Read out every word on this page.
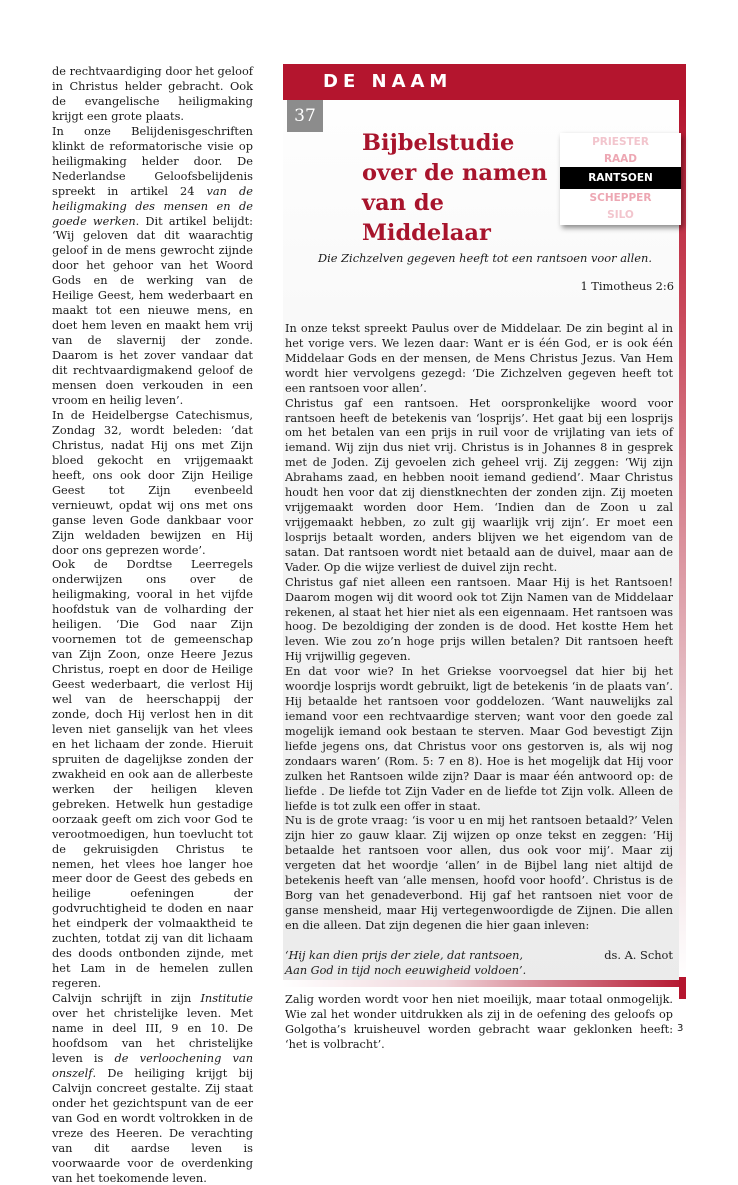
de rechtvaardiging door het geloof in Christus helder gebracht. Ook de evangelische heiligmaking krijgt een grote plaats.

In onze Belijdenisgeschriften klinkt de reformatorische visie op heiligmaking helder door. De Nederlandse Geloofsbelijdenis spreekt in artikel 24 van de heiligmaking des mensen en de goede werken. Dit artikel belijdt: ‘Wij geloven dat dit waarachtig geloof in de mens gewrocht zijnde door het gehoor van het Woord Gods en de werking van de Heilige Geest, hem wederbaart en maakt tot een nieuwe mens, en doet hem leven en maakt hem vrij van de slavernij der zonde. Daarom is het zover vandaar dat dit rechtvaardigmakend geloof de mensen doen verkouden in een vroom en heilig leven’.

In de Heidelbergse Catechismus, Zondag 32, wordt beleden: ‘dat Christus, nadat Hij ons met Zijn bloed gekocht en vrijgemaakt heeft, ons ook door Zijn Heilige Geest tot Zijn evenbeeld vernieuwt, opdat wij ons met ons ganse leven Gode dankbaar voor Zijn weldaden bewijzen en Hij door ons geprezen worde’.

Ook de Dordtse Leerregels onderwijzen ons over de heiligmaking, vooral in het vijfde hoofdstuk van de volharding der heiligen. ‘Die God naar Zijn voornemen tot de gemeenschap van Zijn Zoon, onze Heere Jezus Christus, roept en door de Heilige Geest wederbaart, die verlost Hij wel van de heerschappij der zonde, doch Hij verlost hen in dit leven niet ganselijk van het vlees en het lichaam der zonde. Hieruit spruiten de dagelijkse zonden der zwakheid en ook aan de allerbeste werken der heiligen kleven gebreken. Hetwelk hun gestadige oorzaak geeft om zich voor God te verootmoedigen, hun toevlucht tot de gekruisigden Christus te nemen, het vlees hoe langer hoe meer door de Geest des gebeds en heilige oefeningen der godvruchtigheid te doden en naar het eindperk der volmaaktheid te zuchten, totdat zij van dit lichaam des doods ontbonden zijnde, met het Lam in de hemelen zullen regeren.

Calvijn schrijft in zijn Institutie over het christelijke leven. Met name in deel III, 9 en 10. De hoofdsom van het christelijke leven is de verloochening van onszelf. De heiliging krijgt bij Calvijn concreet gestalte. Zij staat onder het gezichtspunt van de eer van God en wordt voltrokken in de vreze des Heeren. De verachting van dit aardse leven is voorwaarde voor de overdenking van het toekomende leven.

DE NAAM
37
Bijbelstudie over de namen van de Middelaar
PRIESTER
RAAD
RANTSOEN
SCHEPPER
SILO
Die Zichzelven gegeven heeft tot een rantsoen voor allen.
1 Timotheus 2:6

In onze tekst spreekt Paulus over de Middelaar. De zin begint al in het vorige vers. We lezen daar: Want er is één God, er is ook één Middelaar Gods en der mensen, de Mens Christus Jezus. Van Hem wordt hier vervolgens gezegd: ‘Die Zichzelven gegeven heeft tot een rantsoen voor allen’.

Christus gaf een rantsoen. Het oorspronkelijke woord voor rantsoen heeft de betekenis van ‘losprijs’. Het gaat bij een losprijs om het betalen van een prijs in ruil voor de vrijlating van iets of iemand. Wij zijn dus niet vrij. Christus is in Johannes 8 in gesprek met de Joden. Zij gevoelen zich geheel vrij. Zij zeggen: ‘Wij zijn Abrahams zaad, en hebben nooit iemand gediend’. Maar Christus houdt hen voor dat zij dienstknechten der zonden zijn. Zij moeten vrijgemaakt worden door Hem. ‘Indien dan de Zoon u zal vrijgemaakt hebben, zo zult gij waarlijk vrij zijn’. Er moet een losprijs betaalt worden, anders blijven we het eigendom van de satan. Dat rantsoen wordt niet betaald aan de duivel, maar aan de Vader. Op die wijze verliest de duivel zijn recht.

Christus gaf niet alleen een rantsoen. Maar Hij is het Rantsoen! Daarom mogen wij dit woord ook tot Zijn Namen van de Middelaar rekenen, al staat het hier niet als een eigennaam. Het rantsoen was hoog. De bezoldiging der zonden is de dood. Het kostte Hem het leven. Wie zou zo’n hoge prijs willen betalen? Dit rantsoen heeft Hij vrijwillig gegeven.

En dat voor wie? In het Griekse voorvoegsel dat hier bij het woordje losprijs wordt gebruikt, ligt de betekenis ‘in de plaats van’. Hij betaalde het rantsoen voor goddelozen. ‘Want nauwelijks zal iemand voor een rechtvaardige sterven; want voor den goede zal mogelijk iemand ook bestaan te sterven. Maar God bevestigt Zijn liefde jegens ons, dat Christus voor ons gestorven is, als wij nog zondaars waren’ (Rom. 5: 7 en 8). Hoe is het mogelijk dat Hij voor zulken het Rantsoen wilde zijn? Daar is maar één antwoord op: de liefde . De liefde tot Zijn Vader en de liefde tot Zijn volk. Alleen de liefde is tot zulk een offer in staat.

Nu is de grote vraag: ‘is voor u en mij het rantsoen betaald?’ Velen zijn hier zo gauw klaar. Zij wijzen op onze tekst en zeggen: ‘Hij betaalde het rantsoen voor allen, dus ook voor mij’. Maar zij vergeten dat het woordje ‘allen’ in de Bijbel lang niet altijd de betekenis heeft van ‘alle mensen, hoofd voor hoofd’. Christus is de Borg van het genadeverbond. Hij gaf het rantsoen niet voor de ganse mensheid, maar Hij vertegenwoordigde de Zijnen. Die allen en die alleen. Dat zijn degenen die hier gaan inleven:

‘Hij kan dien prijs der ziele, dat rantsoen,

Aan God in tijd noch eeuwigheid voldoen’.

Zalig worden wordt voor hen niet moeilijk, maar totaal onmogelijk. Wie zal het wonder uitdrukken als zij in de oefening des geloofs op Golgotha’s kruisheuvel worden gebracht waar geklonken heeft: ‘het is volbracht’.

ds. A. Schot
3
